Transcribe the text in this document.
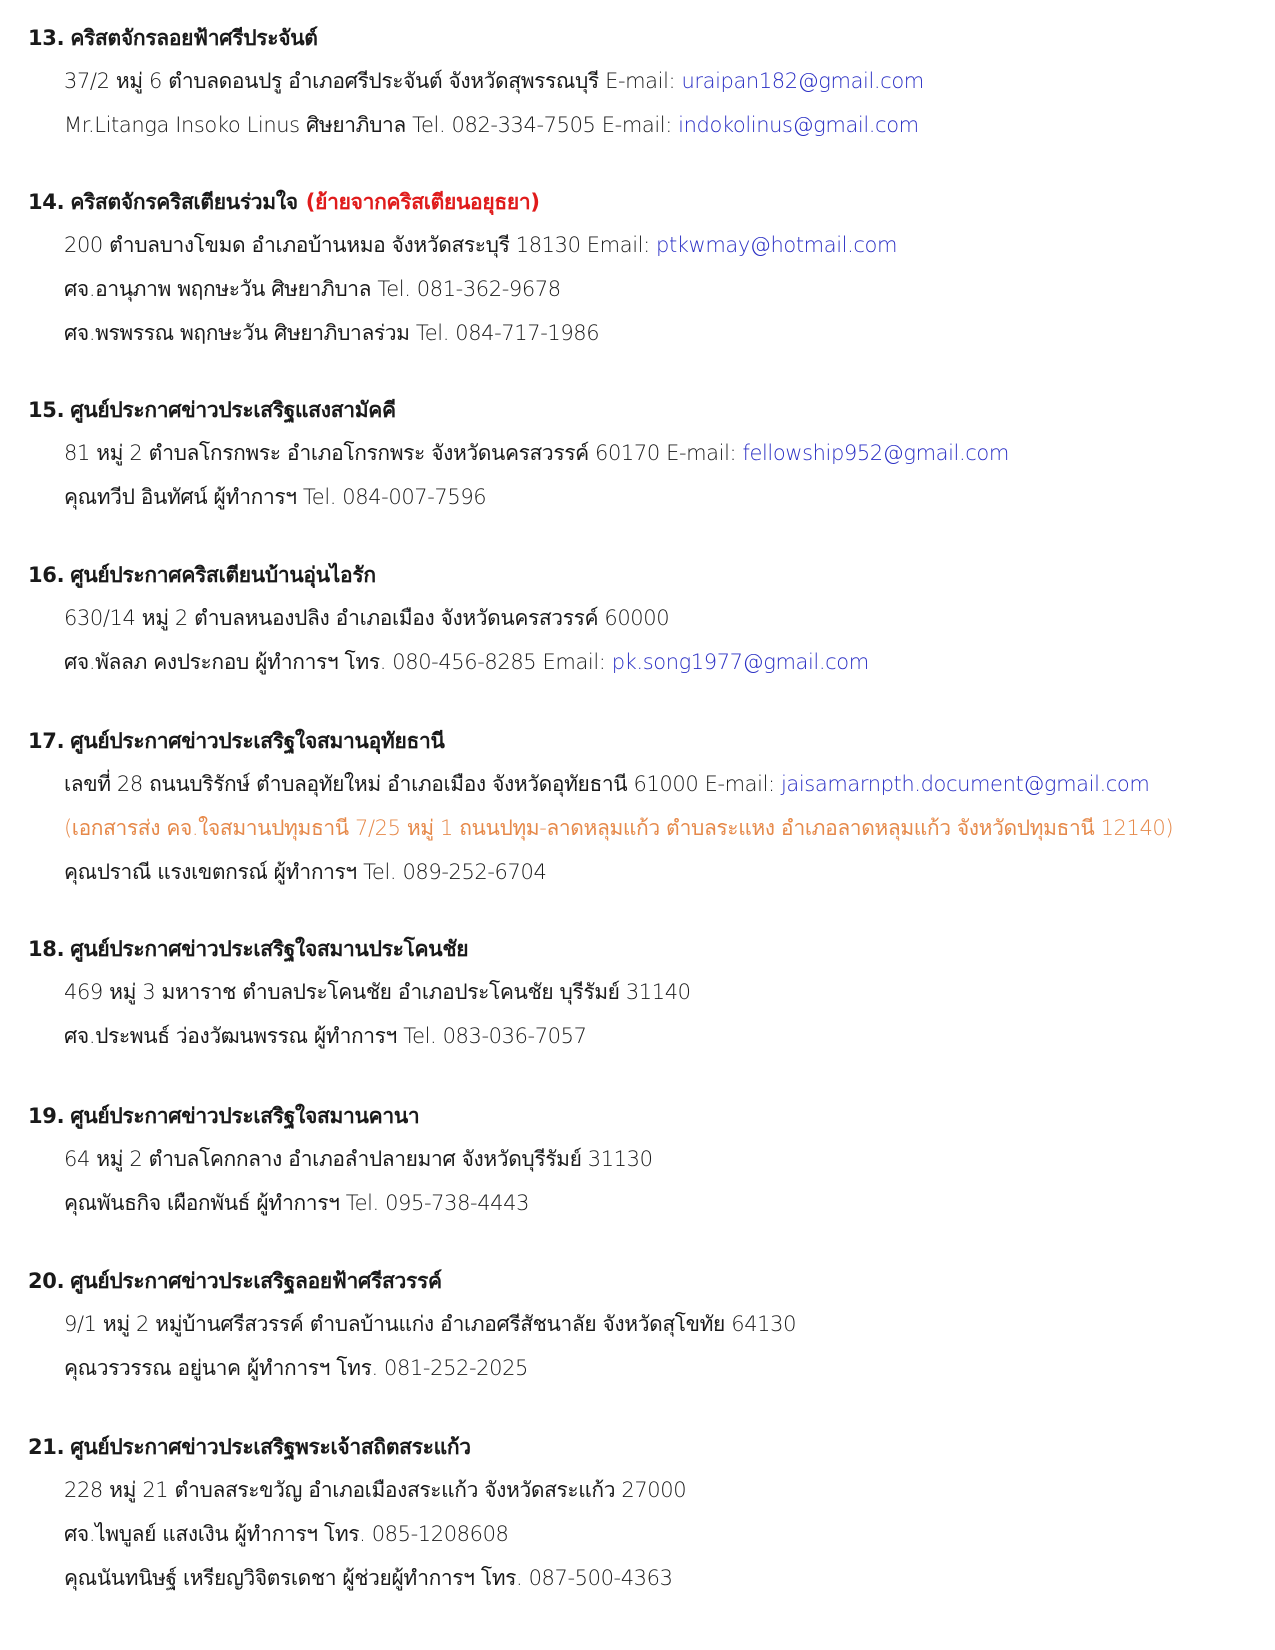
13. คริสตจักรลอยฟ้าศรีประจันต์
37/2 หมู่ 6 ตำบลดอนปรู อำเภอศรีประจันต์ จังหวัดสุพรรณบุรี E-mail: uraipan182@gmail.com
Mr.Litanga Insoko Linus ศิษยาภิบาล Tel. 082-334-7505 E-mail: indokolinus@gmail.com
14. คริสตจักรคริสเตียนร่วมใจ (ย้ายจากคริสเตียนอยุธยา)
200 ตำบลบางโขมด อำเภอบ้านหมอ จังหวัดสระบุรี 18130 Email: ptkwmay@hotmail.com
ศจ.อานุภาพ พฤกษะวัน ศิษยาภิบาล Tel. 081-362-9678
ศจ.พรพรรณ พฤกษะวัน ศิษยาภิบาลร่วม Tel. 084-717-1986
15. ศูนย์ประกาศข่าวประเสริฐแสงสามัคคี
81 หมู่ 2 ตำบลโกรกพระ อำเภอโกรกพระ จังหวัดนครสวรรค์ 60170 E-mail: fellowship952@gmail.com
คุณทวีป อินทัศน์ ผู้ทำการฯ Tel. 084-007-7596
16. ศูนย์ประกาศคริสเตียนบ้านอุ่นไอรัก
630/14 หมู่ 2 ตำบลหนองปลิง อำเภอเมือง จังหวัดนครสวรรค์ 60000
ศจ.พัลลภ คงประกอบ ผู้ทำการฯ โทร. 080-456-8285 Email: pk.song1977@gmail.com
17. ศูนย์ประกาศข่าวประเสริฐใจสมานอุทัยธานี
เลขที่ 28 ถนนบริรักษ์ ตำบลอุทัยใหม่ อำเภอเมือง จังหวัดอุทัยธานี 61000 E-mail: jaisamarnpth.document@gmail.com
(เอกสารส่ง คจ.ใจสมานปทุมธานี 7/25 หมู่ 1 ถนนปทุม-ลาดหลุมแก้ว ตำบลระแหง อำเภอลาดหลุมแก้ว จังหวัดปทุมธานี 12140)
คุณปราณี แรงเขตกรณ์ ผู้ทำการฯ Tel. 089-252-6704
18. ศูนย์ประกาศข่าวประเสริฐใจสมานประโคนชัย
469 หมู่ 3 มหาราช ตำบลประโคนชัย อำเภอประโคนชัย บุรีรัมย์ 31140
ศจ.ประพนธ์ ว่องวัฒนพรรณ ผู้ทำการฯ Tel. 083-036-7057
19. ศูนย์ประกาศข่าวประเสริฐใจสมานคานา
64 หมู่ 2 ตำบลโคกกลาง อำเภอลำปลายมาศ จังหวัดบุรีรัมย์ 31130
คุณพันธกิจ เผือกพันธ์ ผู้ทำการฯ Tel. 095-738-4443
20. ศูนย์ประกาศข่าวประเสริฐลอยฟ้าศรีสวรรค์
9/1 หมู่ 2 หมู่บ้านศรีสวรรค์ ตำบลบ้านแก่ง อำเภอศรีสัชนาลัย จังหวัดสุโขทัย 64130
คุณวรวรรณ อยู่นาค ผู้ทำการฯ โทร. 081-252-2025
21. ศูนย์ประกาศข่าวประเสริฐพระเจ้าสถิตสระแก้ว
228 หมู่ 21 ตำบลสระขวัญ อำเภอเมืองสระแก้ว จังหวัดสระแก้ว 27000
ศจ.ไพบูลย์ แสงเงิน ผู้ทำการฯ โทร. 085-1208608
คุณนันทนิษฐ์ เหรียญวิจิตรเดชา ผู้ช่วยผู้ทำการฯ โทร. 087-500-4363
